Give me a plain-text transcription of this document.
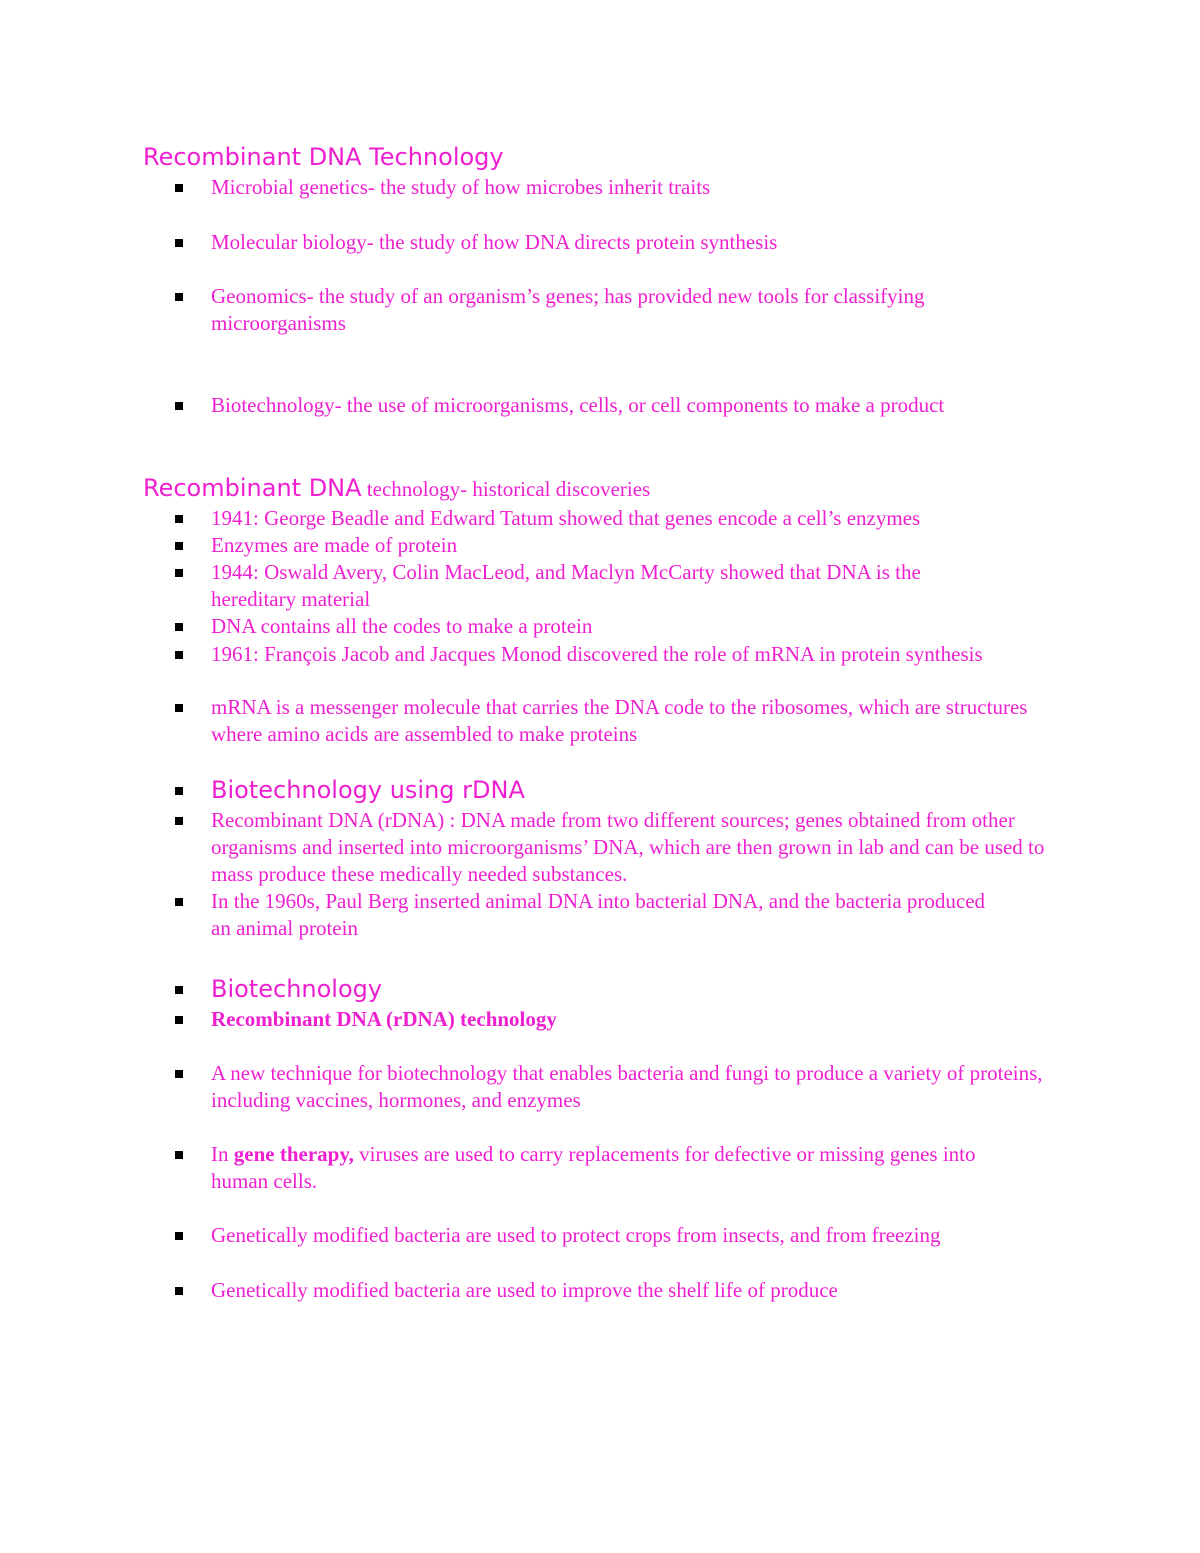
Recombinant DNA Technology
Microbial genetics- the study of how microbes inherit traits
Molecular biology- the study of how DNA directs protein synthesis
Geonomics- the study of an organism’s genes; has provided new tools for classifying microorganisms
Biotechnology- the use of microorganisms, cells, or cell components to make a product
Recombinant DNA technology- historical discoveries
1941: George Beadle and Edward Tatum showed that genes encode a cell’s enzymes
Enzymes are made of protein
1944: Oswald Avery, Colin MacLeod, and Maclyn McCarty showed that DNA is the hereditary material
DNA contains all the codes to make a protein
1961: François Jacob and Jacques Monod discovered the role of mRNA in protein synthesis
mRNA is a messenger molecule that carries the DNA code to the ribosomes, which are structures where amino acids are assembled to make proteins
Biotechnology using rDNA
Recombinant DNA (rDNA) : DNA made from two different sources; genes obtained from other organisms and inserted into microorganisms’ DNA, which are then grown in lab and can be used to mass produce these medically needed substances.
In the 1960s, Paul Berg inserted animal DNA into bacterial DNA, and the bacteria produced an animal protein
Biotechnology
Recombinant DNA (rDNA) technology
A new technique for biotechnology that enables bacteria and fungi to produce a variety of proteins, including vaccines, hormones, and enzymes
In gene therapy, viruses are used to carry replacements for defective or missing genes into human cells.
Genetically modified bacteria are used to protect crops from insects, and from freezing
Genetically modified bacteria are used to improve the shelf life of produce
